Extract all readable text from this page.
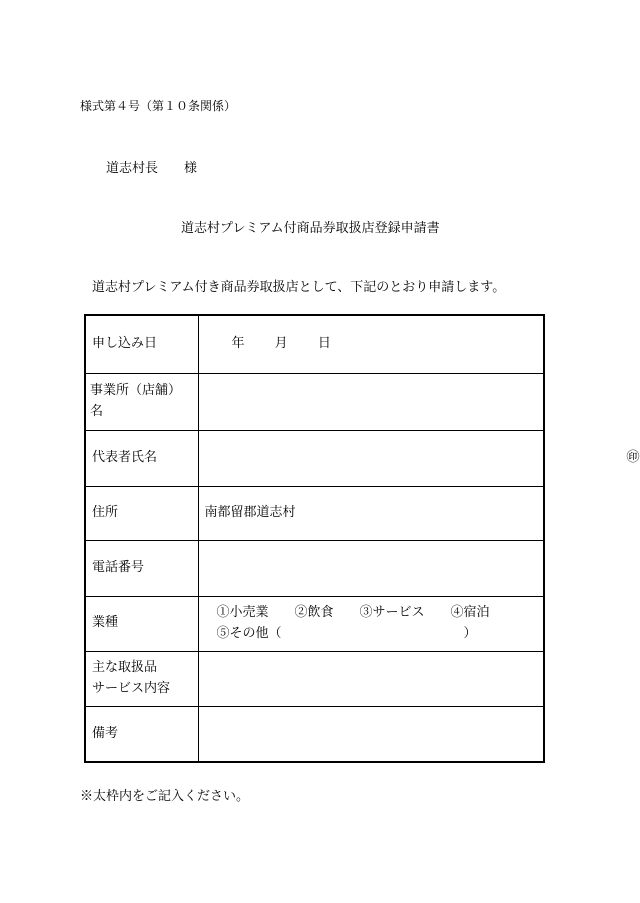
様式第４号（第１０条関係）
道志村長 様
道志村プレミアム付商品券取扱店登録申請書
道志村プレミアム付き商品券取扱店として、下記のとおり申請します。
申し込み日	年 月 日
事業所（店舗）名	
代表者氏名	㊞

住所	南都留郡道志村
電話番号	
業種	①小売業　　②飲食　　③サービス　　④宿泊
⑤その他（　　　　　　　　　　　　　　）

主な取扱品
サービス内容	

備考	
※太枠内をご記入ください。
